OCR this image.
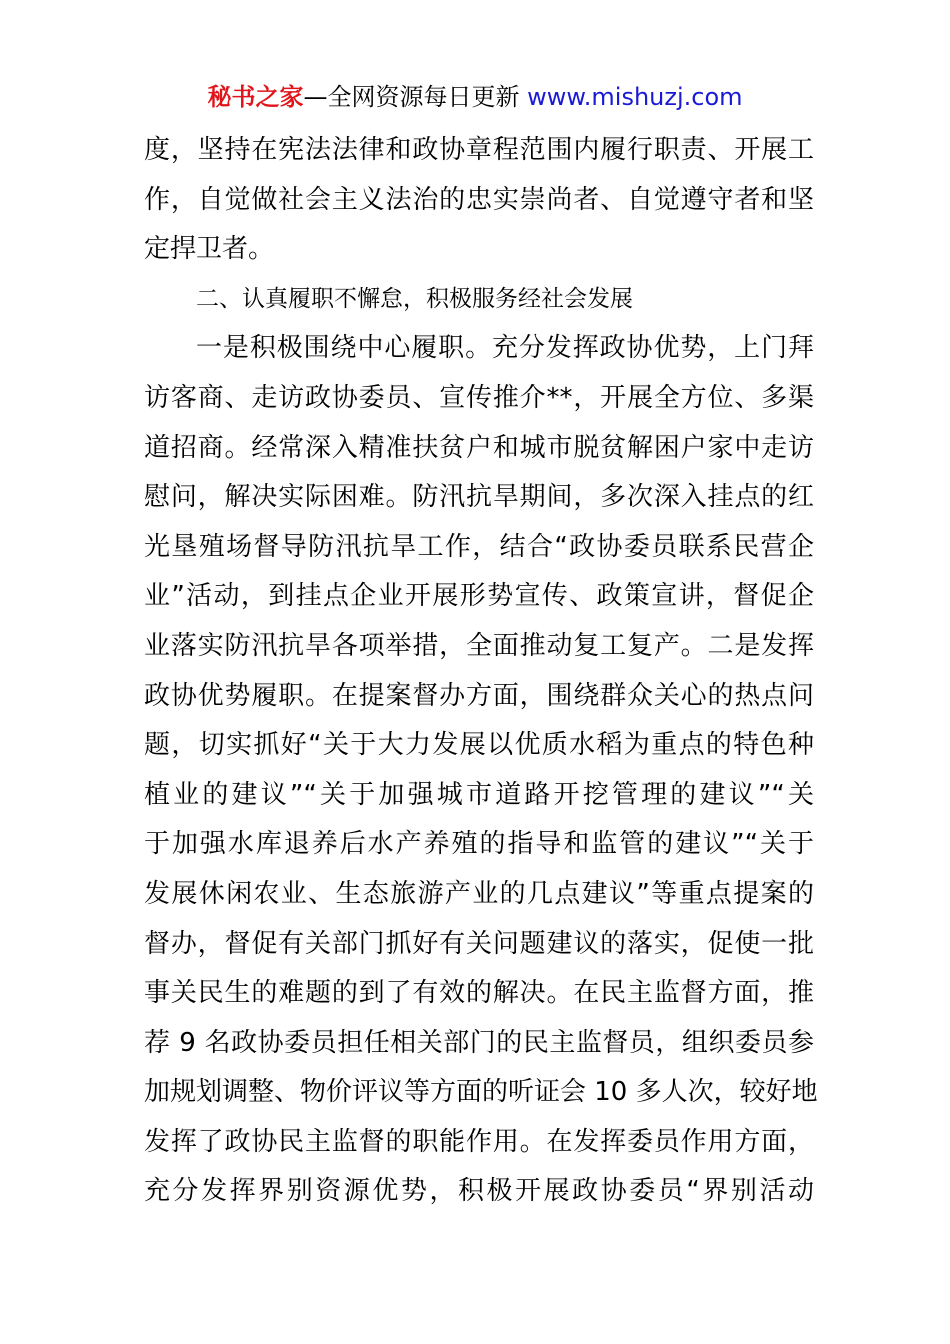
秘书之家—全网资源每日更新 www.mishuzj.com
度，坚持在宪法法律和政协章程范围内履行职责、开展工
作，自觉做社会主义法治的忠实崇尚者、自觉遵守者和坚
定捍卫者。
二、认真履职不懈怠，积极服务经社会发展
一是积极围绕中心履职。充分发挥政协优势，上门拜
访客商、走访政协委员、宣传推介**，开展全方位、多渠
道招商。经常深入精准扶贫户和城市脱贫解困户家中走访
慰问，解决实际困难。防汛抗旱期间，多次深入挂点的红
光垦殖场督导防汛抗旱工作，结合“政协委员联系民营企
业”活动，到挂点企业开展形势宣传、政策宣讲，督促企
业落实防汛抗旱各项举措，全面推动复工复产。二是发挥
政协优势履职。在提案督办方面，围绕群众关心的热点问
题，切实抓好“关于大力发展以优质水稻为重点的特色种
植业的建议”“关于加强城市道路开挖管理的建议”“关
于加强水库退养后水产养殖的指导和监管的建议”“关于
发展休闲农业、生态旅游产业的几点建议”等重点提案的
督办，督促有关部门抓好有关问题建议的落实，促使一批
事关民生的难题的到了有效的解决。在民主监督方面，推
荐 9 名政协委员担任相关部门的民主监督员，组织委员参
加规划调整、物价评议等方面的听证会 10 多人次，较好地
发挥了政协民主监督的职能作用。在发挥委员作用方面，
充分发挥界别资源优势，积极开展政协委员“界别活动
